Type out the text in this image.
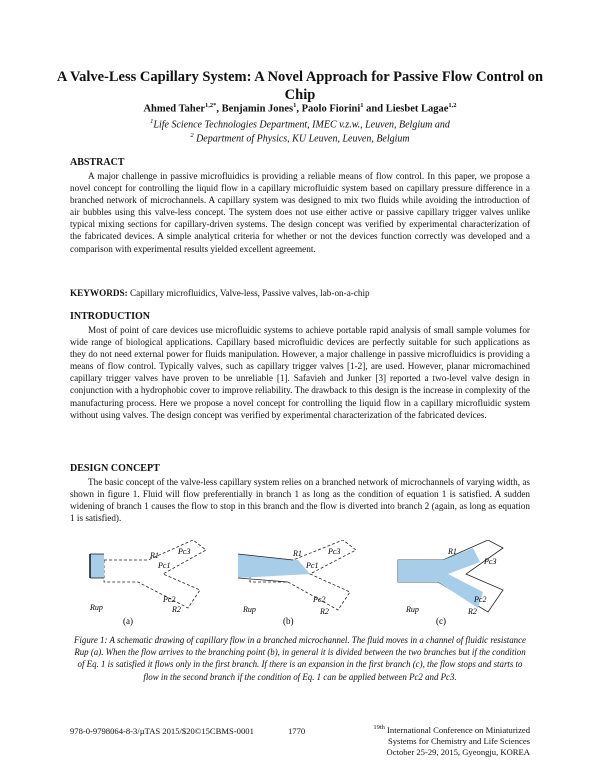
A Valve-Less Capillary System: A Novel Approach for Passive Flow Control on Chip
Ahmed Taher$^{1,2*}$, Benjamin Jones$^1$, Paolo Fiorini$^1$ and Liesbet Lagae$^{1,2}$
$^1$Life Science Technologies Department, IMEC v.z.w., Leuven, Belgium and
$^2$ Department of Physics, KU Leuven, Leuven, Belgium
ABSTRACT
A major challenge in passive microfluidics is providing a reliable means of flow control. In this paper, we propose a novel concept for controlling the liquid flow in a capillary microfluidic system based on capillary pressure difference in a branched network of microchannels. A capillary system was designed to mix two fluids while avoiding the introduction of air bubbles using this valve-less concept. The system does not use either active or passive capillary trigger valves unlike typical mixing sections for capillary-driven systems. The design concept was verified by experimental characterization of the fabricated devices. A simple analytical criteria for whether or not the devices function correctly was developed and a comparison with experimental results yielded excellent agreement.
KEYWORDS: Capillary microfluidics, Valve-less, Passive valves, lab-on-a-chip
INTRODUCTION
Most of point of care devices use microfluidic systems to achieve portable rapid analysis of small sample volumes for wide range of biological applications. Capillary based microfluidic devices are perfectly suitable for such applications as they do not need external power for fluids manipulation. However, a major challenge in passive microfluidics is providing a means of flow control. Typically valves, such as capillary trigger valves [1-2], are used. However, planar micromachined capillary trigger valves have proven to be unreliable [1]. Safavieh and Junker [3] reported a two-level valve design in conjunction with a hydrophobic cover to improve reliability. The drawback to this design is the increase in complexity of the manufacturing process. Here we propose a novel concept for controlling the liquid flow in a capillary microfluidic system without using valves. The design concept was verified by experimental characterization of the fabricated devices.
DESIGN CONCEPT
The basic concept of the valve-less capillary system relies on a branched network of microchannels of varying width, as shown in figure 1. Fluid will flow preferentially in branch 1 as long as the condition of equation 1 is satisfied. A sudden widening of branch 1 causes the flow to stop in this branch and the flow is diverted into branch 2 (again, as long as equation 1 is satisfied).
R1
Pc1
Pc3
Pc2
R2
Rup
(a)
R1
Pc1
Pc3
Pc2
R2
Rup
(b)
R1
Pc3
Pc2
R2
Rup
(c)
Figure 1: A schematic drawing of capillary flow in a branched microchannel. The fluid moves in a channel of fluidic resistance Rup (a). When the flow arrives to the branching point (b), in general it is divided between the two branches but if the condition of Eq. 1 is satisfied it flows only in the first branch. If there is an expansion in the first branch (c), the flow stops and starts to flow in the second branch if the condition of Eq. 1 can be applied between Pc2 and Pc3.
978-0-9798064-8-3/µTAS 2015/$20©15CBMS-0001	1770	$^{19th}$ International Conference on Miniaturized
Systems for Chemistry and Life Sciences
October 25-29, 2015, Gyeongju, KOREA
